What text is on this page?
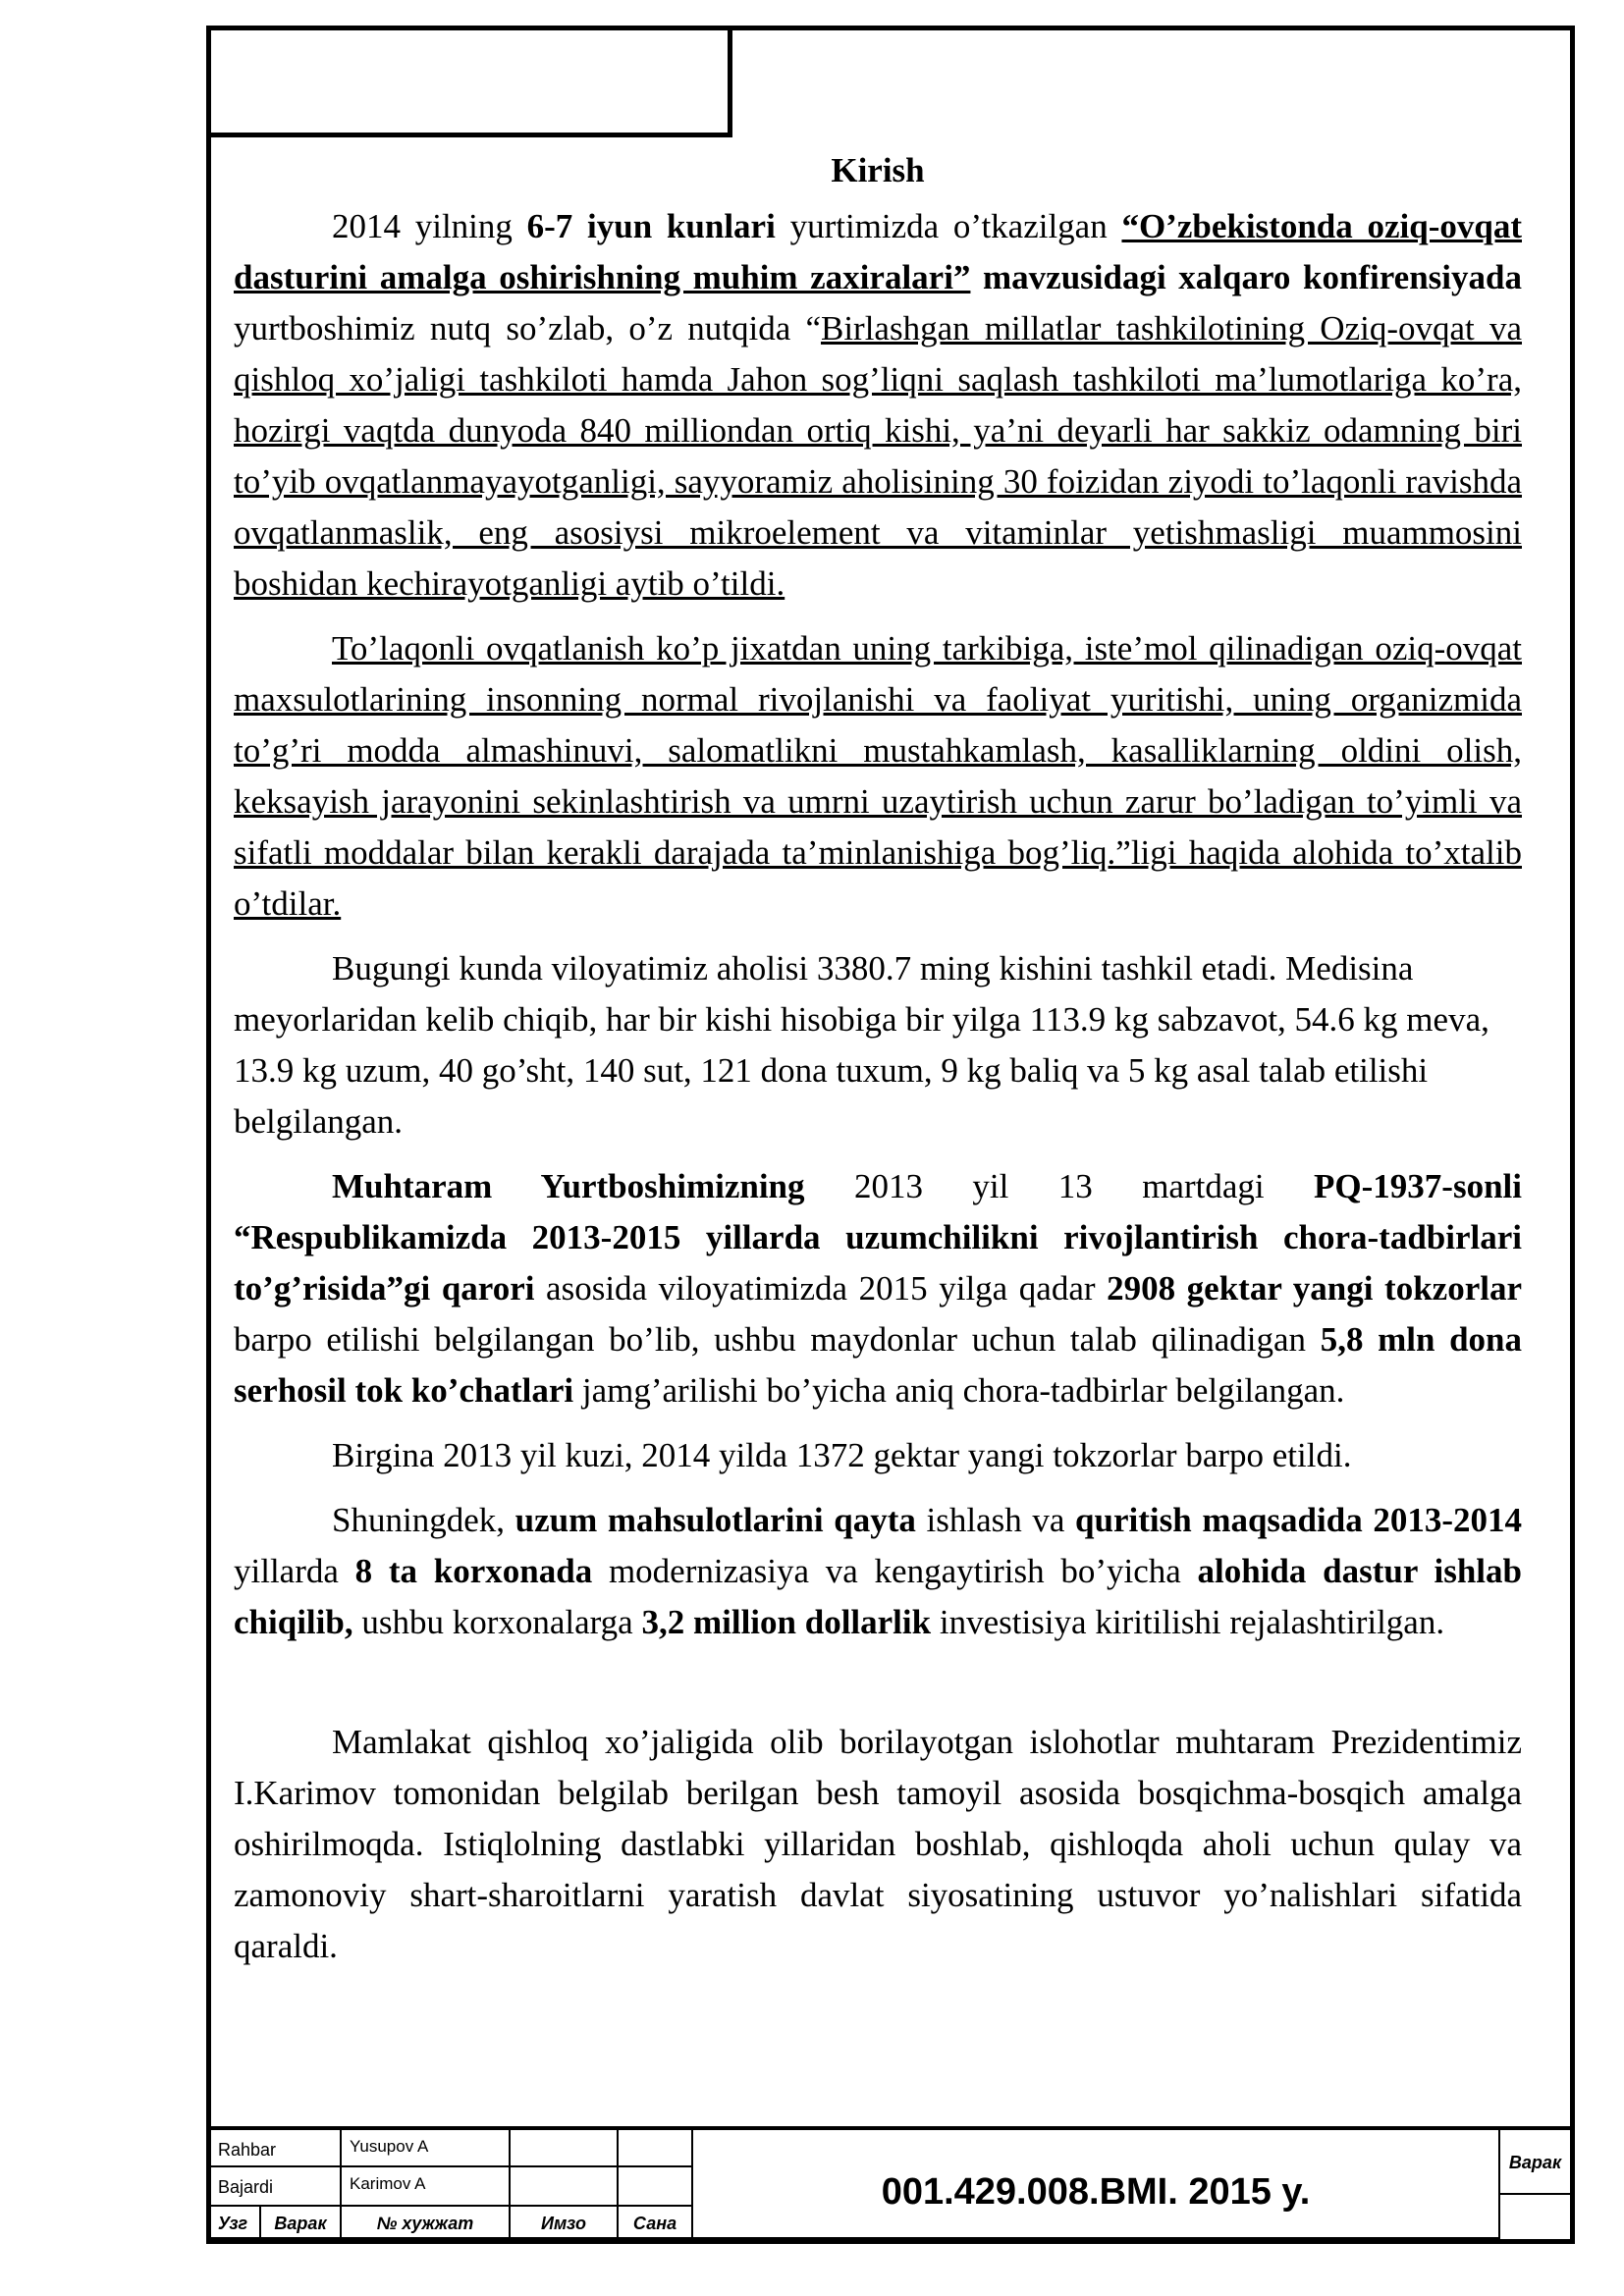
Kirish

2014 yilning 6-7 iyun kunlari yurtimizda o’tkazilgan “O’zbekistonda oziq-ovqat dasturini amalga oshirishning muhim zaxiralari” mavzusidagi xalqaro konfirensiyada yurtboshimiz nutq so’zlab, o’z nutqida “Birlashgan millatlar tashkilotining Oziq-ovqat va qishloq xo’jaligi tashkiloti hamda Jahon sog’liqni saqlash tashkiloti ma’lumotlariga ko’ra, hozirgi vaqtda dunyoda 840 milliondan ortiq kishi, ya’ni deyarli har sakkiz odamning biri to’yib ovqatlanmayayotganligi, sayyoramiz aholisining 30 foizidan ziyodi to’laqonli ravishda ovqatlanmaslik, eng asosiysi mikroelement va vitaminlar yetishmasligi muammosini boshidan kechirayotganligi aytib o’tildi.

To’laqonli ovqatlanish ko’p jixatdan uning tarkibiga, iste’mol qilinadigan oziq-ovqat maxsulotlarining insonning normal rivojlanishi va faoliyat yuritishi, uning organizmida to’g’ri modda almashinuvi, salomatlikni mustahkamlash, kasalliklarning oldini olish, keksayish jarayonini sekinlashtirish va umrni uzaytirish uchun zarur bo’ladigan to’yimli va sifatli moddalar bilan kerakli darajada ta’minlanishiga bog’liq.”ligi haqida alohida to’xtalib o’tdilar.

Bugungi kunda viloyatimiz aholisi 3380.7 ming kishini tashkil etadi. Medisina meyorlaridan kelib chiqib, har bir kishi hisobiga bir yilga 113.9 kg sabzavot, 54.6 kg meva, 13.9 kg uzum, 40 go’sht, 140 sut, 121 dona tuxum, 9 kg baliq va 5 kg asal talab etilishi belgilangan.

Muhtaram Yurtboshimizning 2013 yil 13 martdagi PQ-1937-sonli “Respublikamizda 2013-2015 yillarda uzumchilikni rivojlantirish chora-tadbirlari to’g’risida”gi qarori asosida viloyatimizda 2015 yilga qadar 2908 gektar yangi tokzorlar barpo etilishi belgilangan bo’lib, ushbu maydonlar uchun talab qilinadigan 5,8 mln dona serhosil tok ko’chatlari jamg’arilishi bo’yicha aniq chora-tadbirlar belgilangan.

Birgina 2013 yil kuzi, 2014 yilda 1372 gektar yangi tokzorlar barpo etildi.

Shuningdek, uzum mahsulotlarini qayta ishlash va quritish maqsadida 2013-2014 yillarda 8 ta korxonada modernizasiya va kengaytirish bo’yicha alohida dastur ishlab chiqilib, ushbu korxonalarga 3,2 million dollarlik investisiya kiritilishi rejalashtirilgan.

Mamlakat qishloq xo’jaligida olib borilayotgan islohotlar muhtaram Prezidentimiz I.Karimov tomonidan belgilab berilgan besh tamoyil asosida bosqichma-bosqich amalga oshirilmoqda. Istiqlolning dastlabki yillaridan boshlab, qishloqda aholi uchun qulay va zamonoviy shart-sharoitlarni yaratish davlat siyosatining ustuvor yo’nalishlari sifatida qaraldi.

Rahbar	Yusupov A
Bajardi	Karimov A
Узг	Варак	№ хужжат	Имзо	Сана
001.429.008.BMI. 2015 y.
Варак
